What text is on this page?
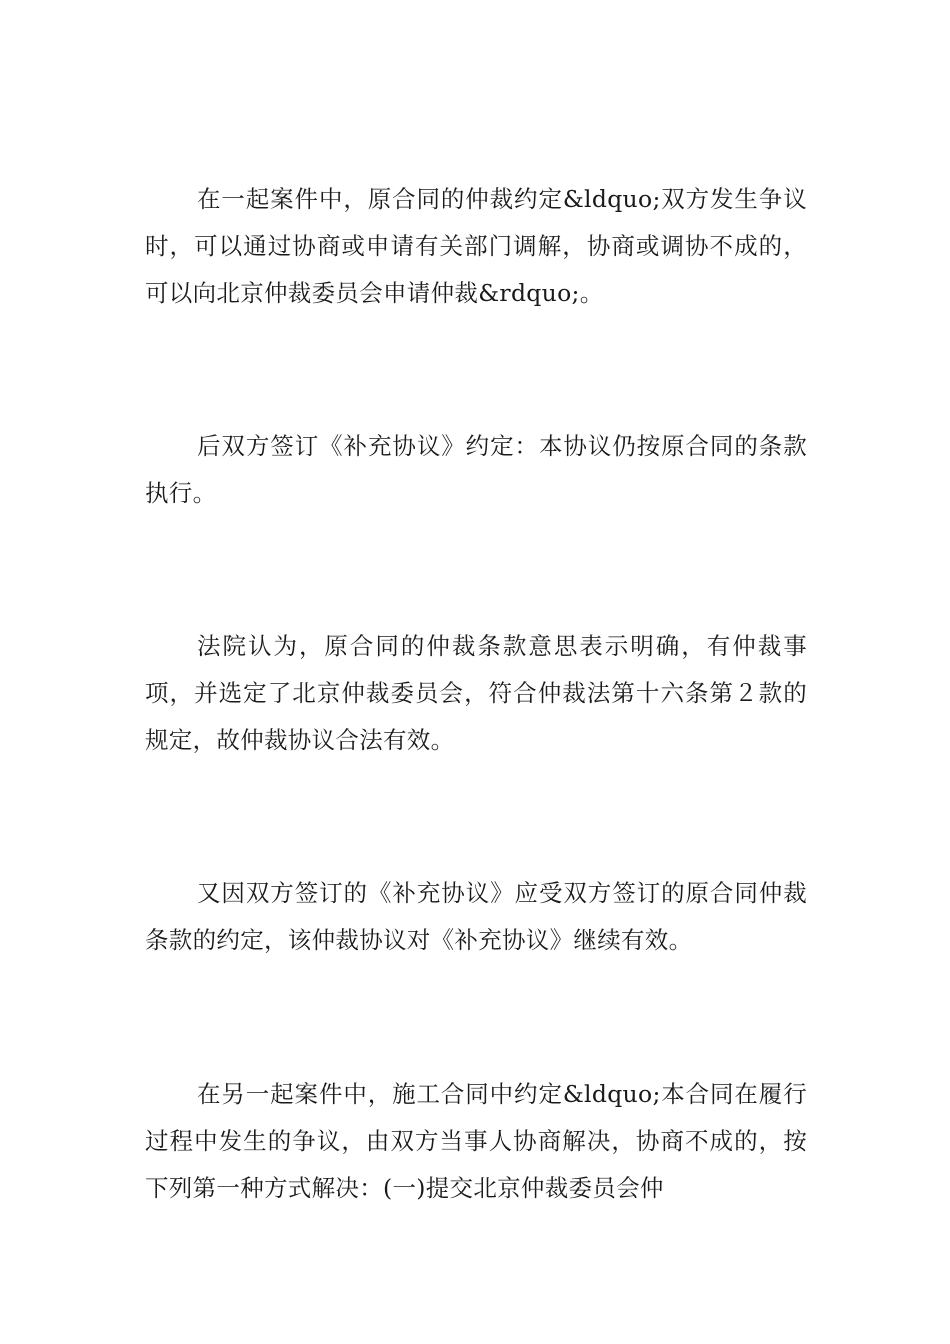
在一起案件中，原合同的仲裁约定&ldquo;双方发生争议时，可以通过协商或申请有关部门调解，协商或调协不成的，可以向北京仲裁委员会申请仲裁&rdquo;。

后双方签订《补充协议》约定：本协议仍按原合同的条款执行。

法院认为，原合同的仲裁条款意思表示明确，有仲裁事项，并选定了北京仲裁委员会，符合仲裁法第十六条第２款的规定，故仲裁协议合法有效。

又因双方签订的《补充协议》应受双方签订的原合同仲裁条款的约定，该仲裁协议对《补充协议》继续有效。

在另一起案件中，施工合同中约定&ldquo;本合同在履行过程中发生的争议，由双方当事人协商解决，协商不成的，按下列第一种方式解决：(一)提交北京仲裁委员会仲
